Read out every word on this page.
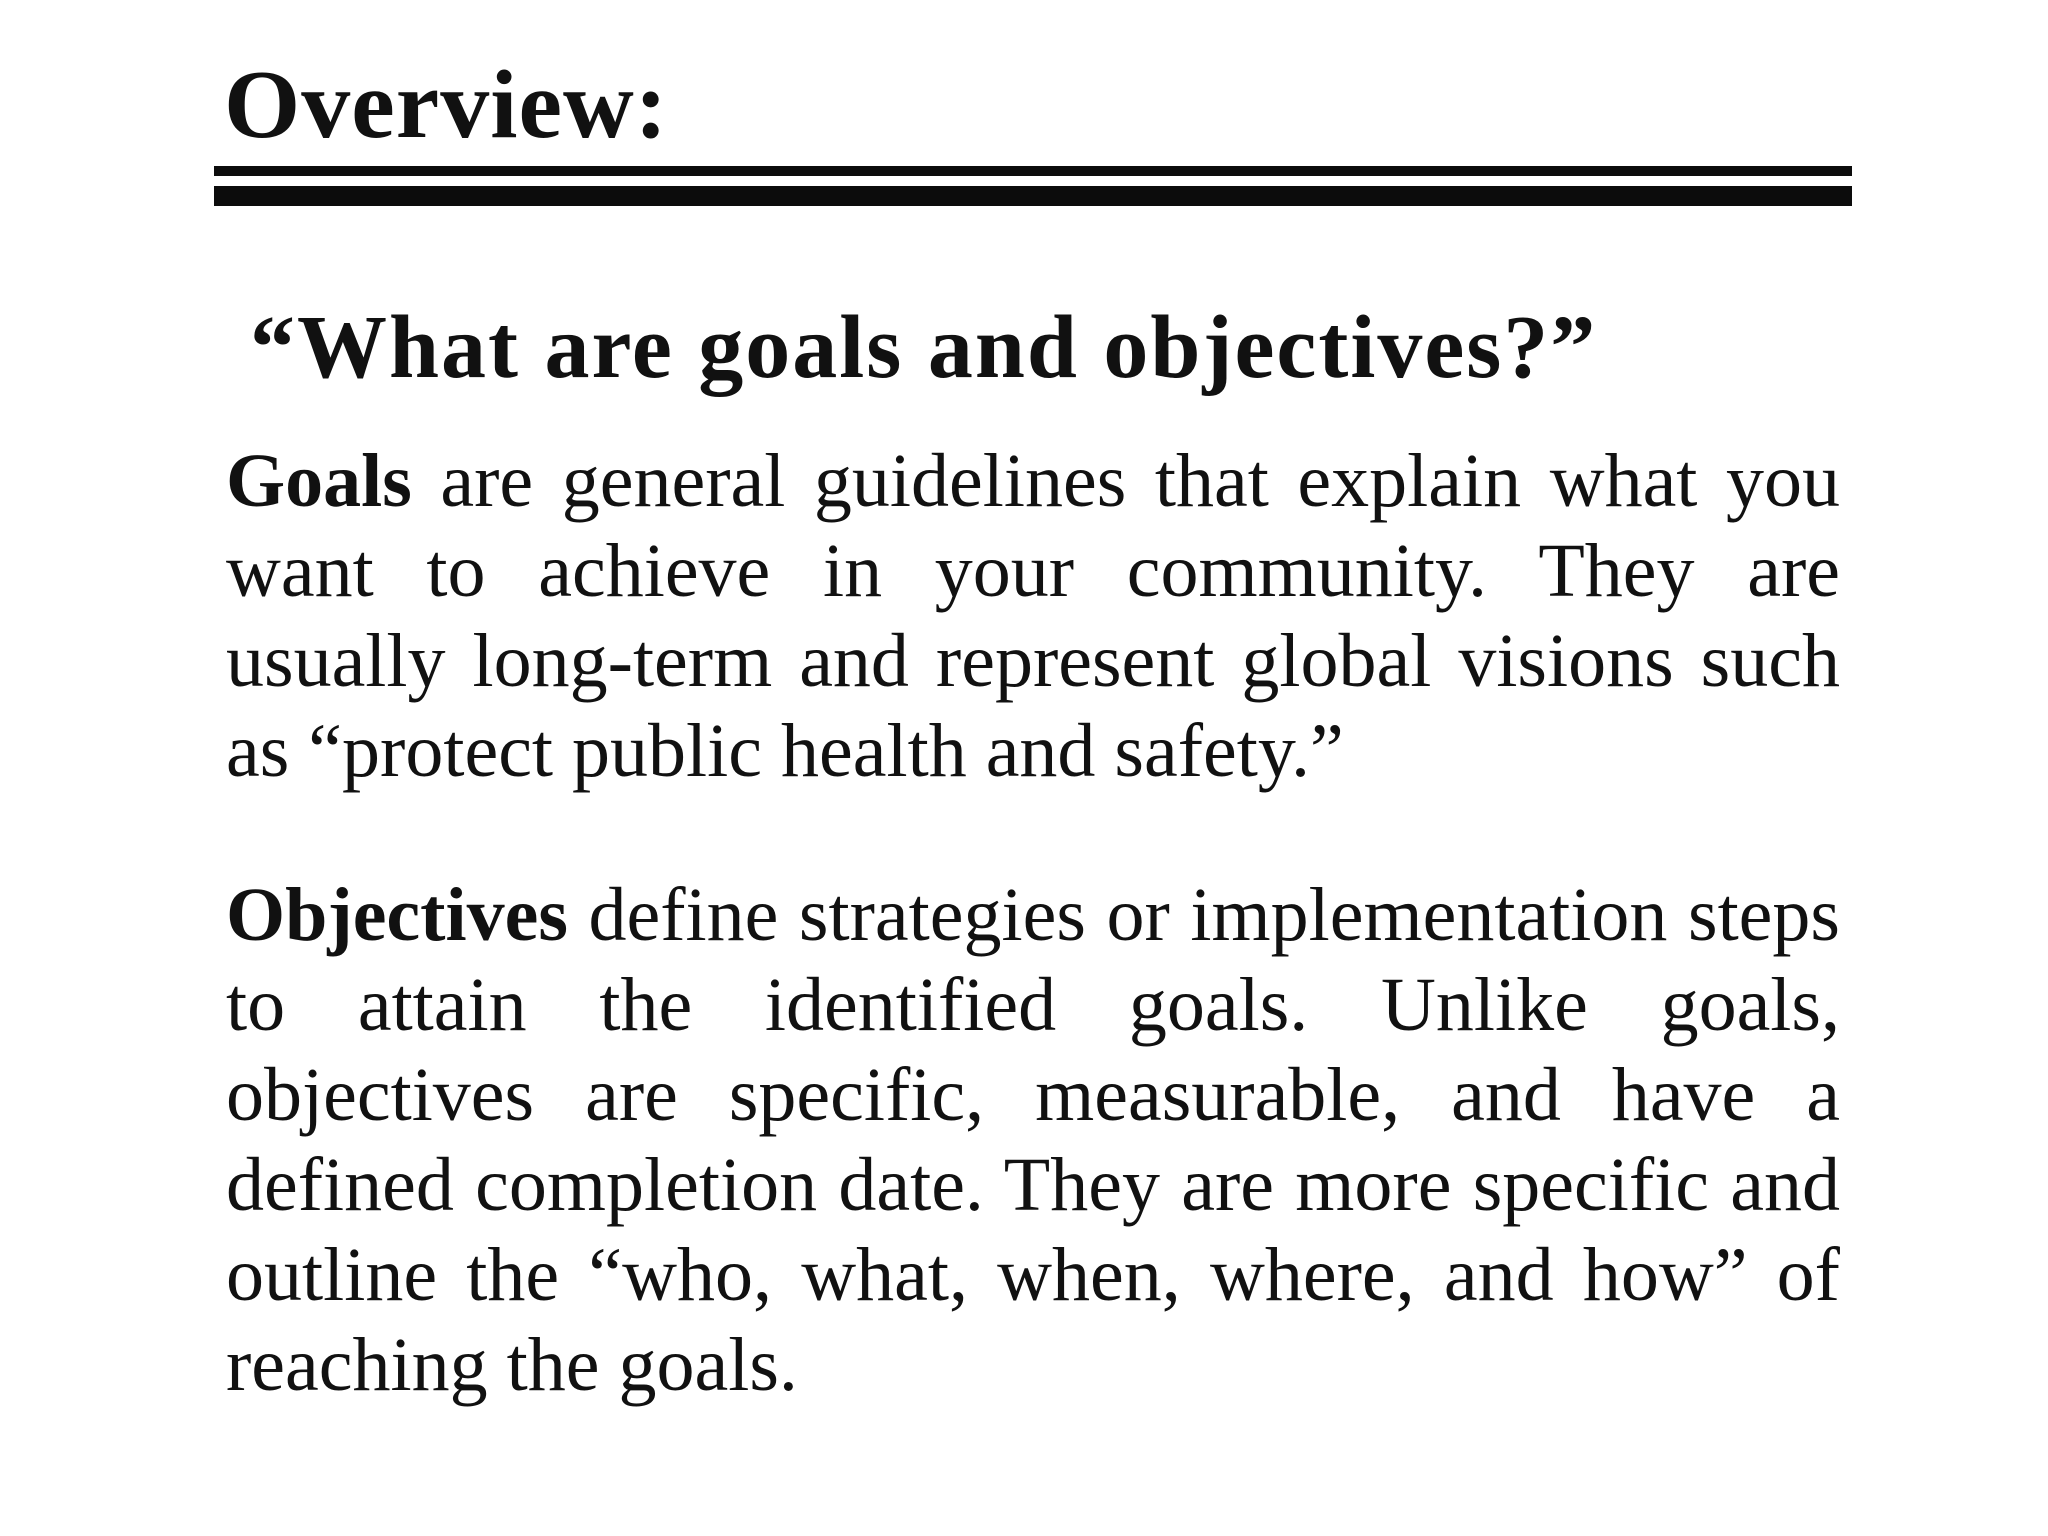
Overview:
“What are goals and objectives?”

Goals are general guidelines that explain what you want to achieve in your community. They are usually long-term and represent global visions such as “protect public health and safety.”

Objectives define strategies or implementation steps to attain the identified goals. Unlike goals, objectives are specific, measurable, and have a defined completion date. They are more specific and outline the “who, what, when, where, and how” of reaching the goals.
